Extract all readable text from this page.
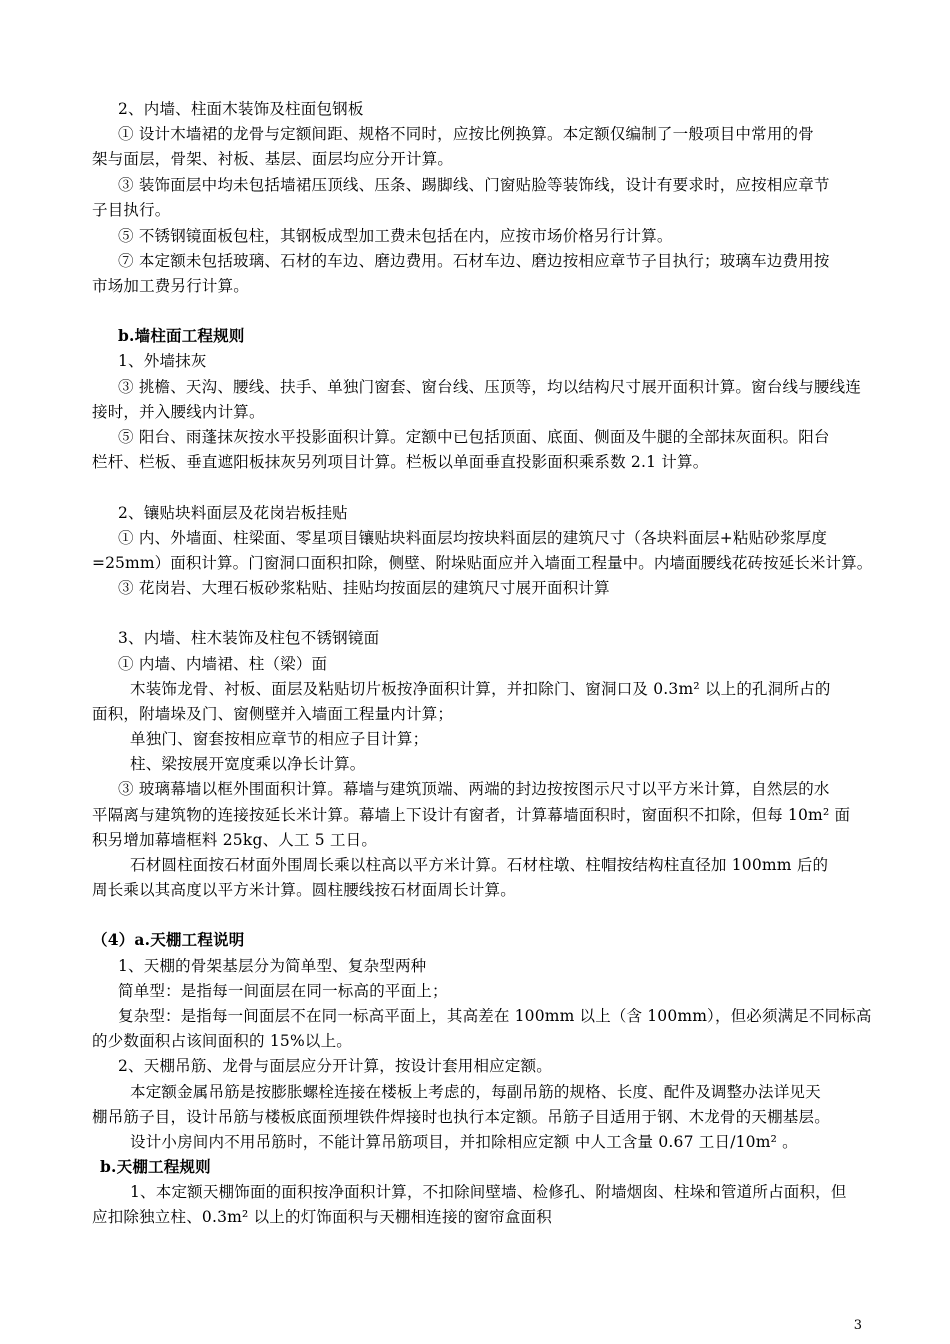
2、内墙、柱面木装饰及柱面包钢板
① 设计木墙裙的龙骨与定额间距、规格不同时，应按比例换算。本定额仅编制了一般项目中常用的骨
架与面层，骨架、衬板、基层、面层均应分开计算。
③ 装饰面层中均未包括墙裙压顶线、压条、踢脚线、门窗贴脸等装饰线，设计有要求时，应按相应章节
子目执行。
⑤ 不锈钢镜面板包柱，其钢板成型加工费未包括在内，应按市场价格另行计算。
⑦ 本定额未包括玻璃、石材的车边、磨边费用。石材车边、磨边按相应章节子目执行；玻璃车边费用按
市场加工费另行计算。
b.墙柱面工程规则
1、外墙抹灰
③ 挑檐、天沟、腰线、扶手、单独门窗套、窗台线、压顶等，均以结构尺寸展开面积计算。窗台线与腰线连
接时，并入腰线内计算。
⑤ 阳台、雨蓬抹灰按水平投影面积计算。定额中已包括顶面、底面、侧面及牛腿的全部抹灰面积。阳台
栏杆、栏板、垂直遮阳板抹灰另列项目计算。栏板以单面垂直投影面积乘系数 2.1 计算。
2、镶贴块料面层及花岗岩板挂贴
① 内、外墙面、柱梁面、零星项目镶贴块料面层均按块料面层的建筑尺寸（各块料面层+粘贴砂浆厚度
=25mm）面积计算。门窗洞口面积扣除，侧壁、附垛贴面应并入墙面工程量中。内墙面腰线花砖按延长米计算。
③ 花岗岩、大理石板砂浆粘贴、挂贴均按面层的建筑尺寸展开面积计算
3、内墙、柱木装饰及柱包不锈钢镜面
① 内墙、内墙裙、柱（梁）面
木装饰龙骨、衬板、面层及粘贴切片板按净面积计算，并扣除门、窗洞口及 0.3m² 以上的孔洞所占的
面积，附墙垛及门、窗侧壁并入墙面工程量内计算；
单独门、窗套按相应章节的相应子目计算；
柱、梁按展开宽度乘以净长计算。
③ 玻璃幕墙以框外围面积计算。幕墙与建筑顶端、两端的封边按按图示尺寸以平方米计算，自然层的水
平隔离与建筑物的连接按延长米计算。幕墙上下设计有窗者，计算幕墙面积时，窗面积不扣除，但每 10m² 面
积另增加幕墙框料 25kg、人工 5 工日。
石材圆柱面按石材面外围周长乘以柱高以平方米计算。石材柱墩、柱帽按结构柱直径加 100mm 后的
周长乘以其高度以平方米计算。圆柱腰线按石材面周长计算。
（4）a.天棚工程说明
1、天棚的骨架基层分为简单型、复杂型两种
简单型：是指每一间面层在同一标高的平面上；
复杂型：是指每一间面层不在同一标高平面上，其高差在 100mm 以上（含 100mm），但必须满足不同标高
的少数面积占该间面积的 15%以上。
2、天棚吊筋、龙骨与面层应分开计算，按设计套用相应定额。
本定额金属吊筋是按膨胀螺栓连接在楼板上考虑的，每副吊筋的规格、长度、配件及调整办法详见天
棚吊筋子目，设计吊筋与楼板底面预埋铁件焊接时也执行本定额。吊筋子目适用于钢、木龙骨的天棚基层。
设计小房间内不用吊筋时，不能计算吊筋项目，并扣除相应定额 中人工含量 0.67 工日/10m² 。
b.天棚工程规则
1、本定额天棚饰面的面积按净面积计算，不扣除间壁墙、检修孔、附墙烟囱、柱垛和管道所占面积，但
应扣除独立柱、0.3m² 以上的灯饰面积与天棚相连接的窗帘盒面积
3
